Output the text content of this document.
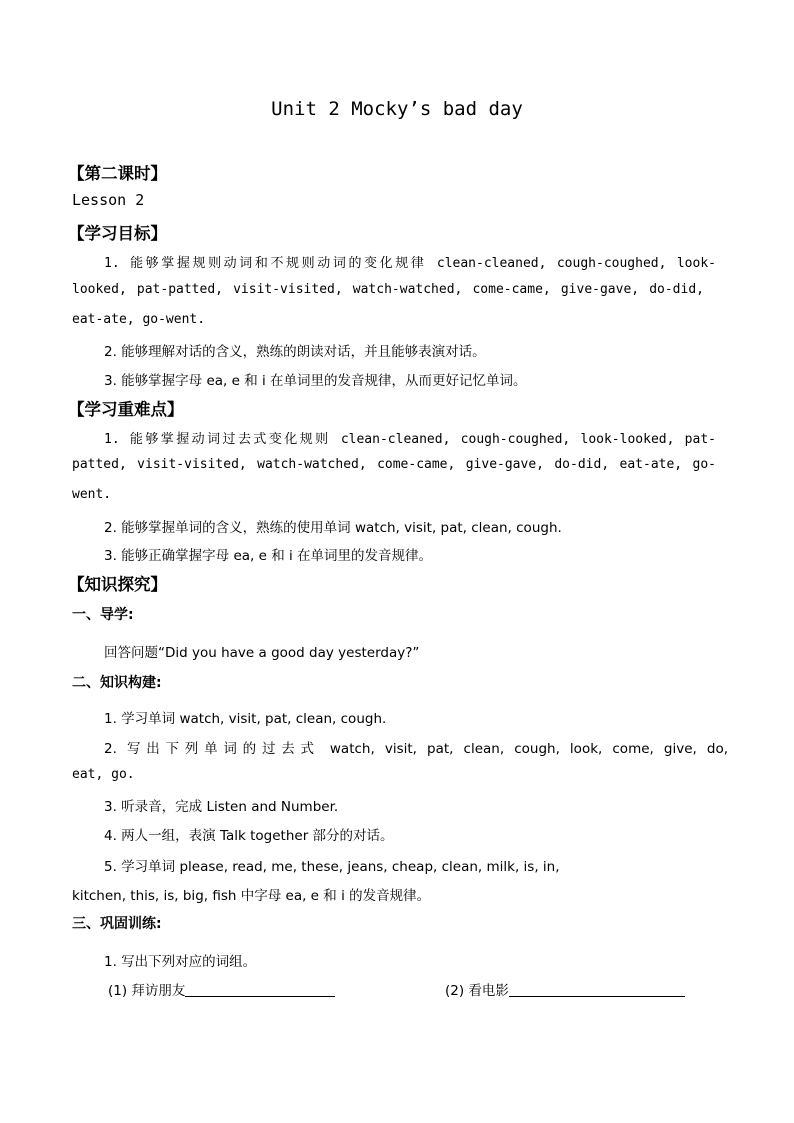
Unit 2 Mocky’s bad day
【第二课时】
Lesson 2
【学习目标】
1. 能够掌握规则动词和不规则动词的变化规律 clean-cleaned, cough-coughed, look-
looked, pat-patted, visit-visited, watch-watched, come-came, give-gave, do-did,
eat-ate, go-went.
2. 能够理解对话的含义，熟练的朗读对话，并且能够表演对话。
3. 能够掌握字母 ea, e 和 i 在单词里的发音规律，从而更好记忆单词。
【学习重难点】
1. 能够掌握动词过去式变化规则 clean-cleaned, cough-coughed, look-looked, pat-
patted, visit-visited, watch-watched, come-came, give-gave, do-did, eat-ate, go-
went.
2. 能够掌握单词的含义，熟练的使用单词 watch, visit, pat, clean, cough.
3. 能够正确掌握字母 ea, e 和 i 在单词里的发音规律。
【知识探究】
一、导学:
回答问题“Did you have a good day yesterday?”
二、知识构建:
1. 学习单词 watch, visit, pat, clean, cough.
2. 写出下列单词的过去式 watch, visit, pat, clean, cough, look, come, give, do,
eat, go.
3. 听录音，完成 Listen and Number.
4. 两人一组，表演 Talk together 部分的对话。
5. 学习单词 please, read, me, these, jeans, cheap, clean, milk, is, in,
kitchen, this, is, big, fish 中字母 ea, e 和 i 的发音规律。
三、巩固训练:
1. 写出下列对应的词组。
(1) 拜访朋友	(2) 看电影
